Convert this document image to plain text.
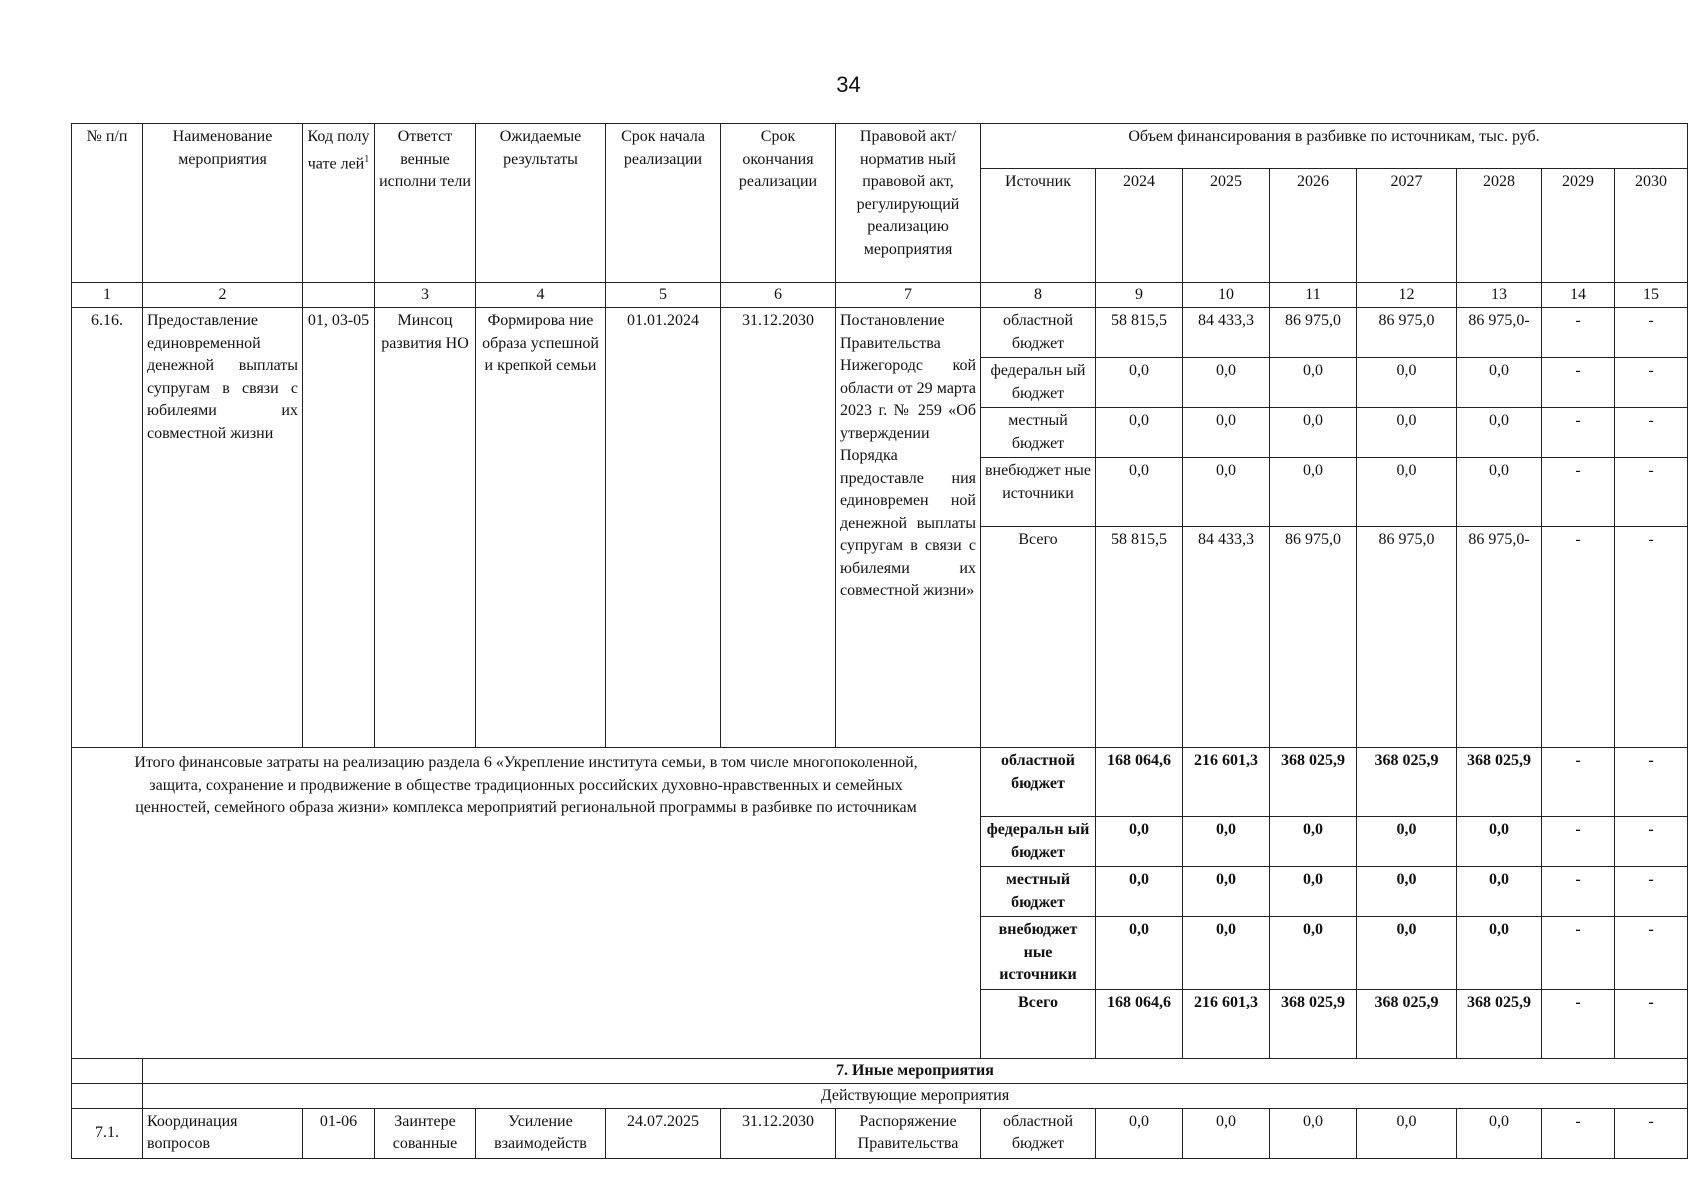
34
№ п/п	Наименование мероприятия	Код полу чате лей$^1$	Ответст венные исполни тели	Ожидаемые результаты	Срок начала реализации	Срок окончания реализации	Правовой акт/норматив ный правовой акт, регулирующий реализацию мероприятия	Объем финансирования в разбивке по источникам, тыс. руб.							
								Источник	2024	2025	2026	2027	2028	2029	2030
1	2		3	4	5	6	7	8	9	10	11	12	13	14	15
6.16.	Предоставление единовременной денежной выплаты супругам в связи с юбилеями их совместной жизни	01, 03-05	Минсоц развития НО	Формирова ние образа успешной и крепкой семьи	01.01.2024	31.12.2030	Постановление Правительства Нижегородс кой области от 29 марта 2023 г. № 259 «Об утверждении Порядка предоставле ния единовремен ной денежной выплаты супругам в связи с юбилеями их совместной жизни»	областной бюджет	58 815,5	84 433,3	86 975,0	86 975,0	86 975,0-	-	-
								федеральн ый бюджет	0,0	0,0	0,0	0,0	0,0	-	-
								местный бюджет	0,0	0,0	0,0	0,0	0,0	-	-
								внебюджет ные источники	0,0	0,0	0,0	0,0	0,0	-	-
								Всего	58 815,5	84 433,3	86 975,0	86 975,0	86 975,0-	-	-
Итого финансовые затраты на реализацию раздела 6 «Укрепление института семьи, в том числе многопоколенной, защита, сохранение и продвижение в обществе традиционных российских духовно-нравственных и семейных ценностей, семейного образа жизни» комплекса мероприятий региональной программы в разбивке по источникам								областной бюджет	168 064,6	216 601,3	368 025,9	368 025,9	368 025,9	-	-
								федеральн ый бюджет	0,0	0,0	0,0	0,0	0,0	-	-
								местный бюджет	0,0	0,0	0,0	0,0	0,0	-	-
								внебюджет ные источники	0,0	0,0	0,0	0,0	0,0	-	-
								Всего	168 064,6	216 601,3	368 025,9	368 025,9	368 025,9	-	-
	7. Иные мероприятия														
	Действующие мероприятия														
7.1.	Координация вопросов	01-06	Заинтере сованные	Усиление взаимодейств	24.07.2025	31.12.2030	Распоряжение Правительства	областной бюджет	0,0	0,0	0,0	0,0	0,0	-	-
